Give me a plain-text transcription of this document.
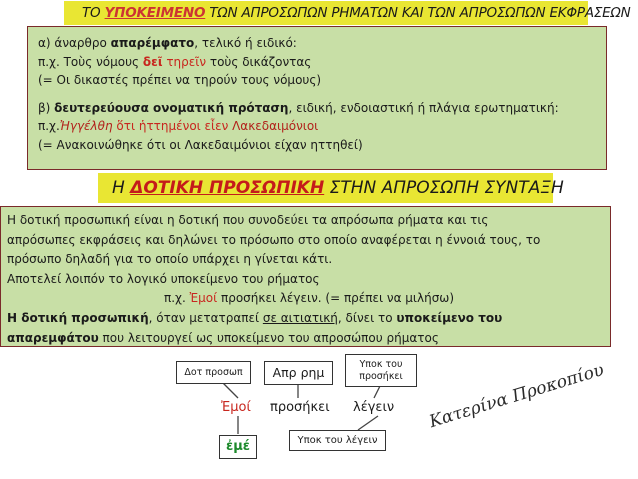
ΤΟ ΥΠΟΚΕΙΜΕΝΟ ΤΩΝ ΑΠΡΟΣΩΠΩΝ ΡΗΜΑΤΩΝ ΚΑΙ ΤΩΝ ΑΠΡΟΣΩΠΩΝ ΕΚΦΡΑΣΕΩΝ

α) άναρθρο απαρέμφατο, τελικό ή ειδικό:

π.χ. Τοὺς νόμους δεῖ τηρεῖν τοὺς δικάζοντας

(= Οι δικαστές πρέπει να τηρούν τους νόμους)

β) δευτερεύουσα ονοματική πρόταση, ειδική, ενδοιαστική ή πλάγια ερωτηματική:

π.χ.Ἠγγέλθη ὅτι ἡττημένοι εἶεν Λακεδαιμόνιοι

(= Ανακοινώθηκε ότι οι Λακεδαιμόνιοι είχαν ηττηθεί)

Η ΔΟΤΙΚΗ ΠΡΟΣΩΠΙΚΗ ΣΤΗΝ ΑΠΡΟΣΩΠΗ ΣΥΝΤΑΞΗ

Η δοτική προσωπική είναι η δοτική που συνοδεύει τα απρόσωπα ρήματα και τις

απρόσωπες εκφράσεις και δηλώνει το πρόσωπο στο οποίο αναφέρεται η έννοιά τους, το

πρόσωπο δηλαδή για το οποίο υπάρχει η γίνεται κάτι.

Αποτελεί λοιπόν το λογικό υποκείμενο του ρήματος

π.χ. Ἐμοί προσήκει λέγειν. (= πρέπει να μιλήσω)

Η δοτική προσωπική, όταν μετατραπεί σε αιτιατική, δίνει το υποκείμενο του

απαρεμφάτου που λειτουργεί ως υποκείμενο του απροσώπου ρήματος

Δοτ προσωπ	Απρ ρημ
Υποκ του προσήκει
Ἐμοί προσήκει λέγειν
ἐμέ	Υποκ του λέγειν
Κατερίνα Προκοπίου
